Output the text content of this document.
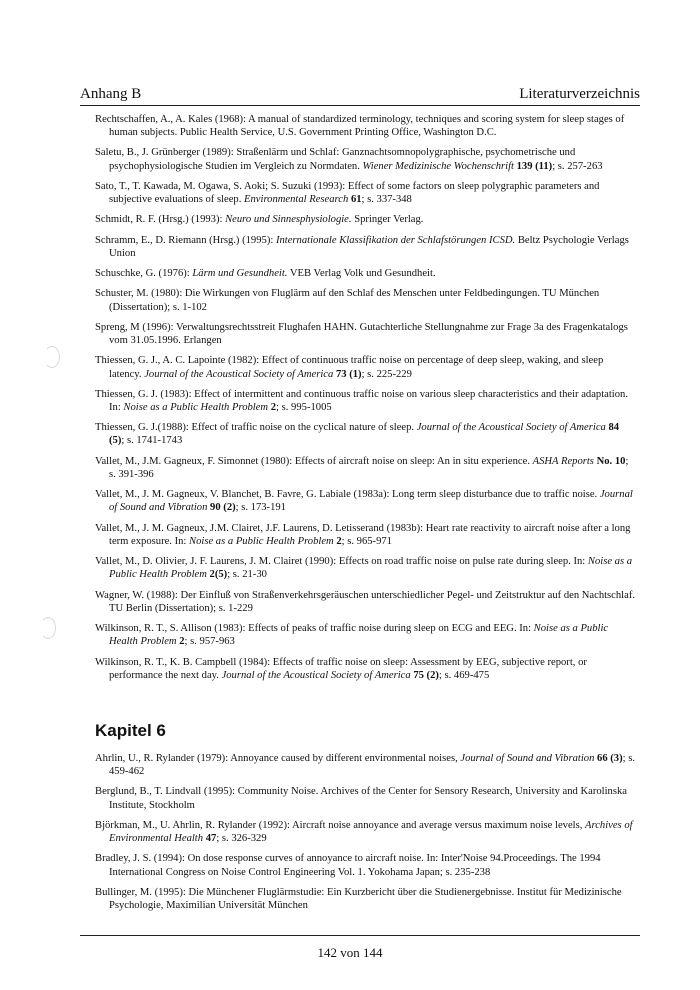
Anhang B	Literaturverzeichnis
Rechtschaffen, A., A. Kales (1968): A manual of standardized terminology, techniques and scoring system for sleep stages of human subjects. Public Health Service, U.S. Government Printing Office, Washington D.C.
Saletu, B., J. Grünberger (1989): Straßenlärm und Schlaf: Ganznachtsomnopolygraphische, psychometrische und psychophysiologische Studien im Vergleich zu Normdaten. Wiener Medizinische Wochenschrift 139 (11); s. 257-263
Sato, T., T. Kawada, M. Ogawa, S. Aoki; S. Suzuki (1993): Effect of some factors on sleep polygraphic parameters and subjective evaluations of sleep. Environmental Research 61; s. 337-348
Schmidt, R. F. (Hrsg.) (1993): Neuro und Sinnesphysiologie. Springer Verlag.
Schramm, E., D. Riemann (Hrsg.) (1995): Internationale Klassifikation der Schlafstörungen ICSD. Beltz Psychologie Verlags Union
Schuschke, G. (1976): Lärm und Gesundheit. VEB Verlag Volk und Gesundheit.
Schuster, M. (1980): Die Wirkungen von Fluglärm auf den Schlaf des Menschen unter Feldbedingungen. TU München (Dissertation); s. 1-102
Spreng, M (1996): Verwaltungsrechtsstreit Flughafen HAHN. Gutachterliche Stellungnahme zur Frage 3a des Fragenkatalogs vom 31.05.1996. Erlangen
Thiessen, G. J., A. C. Lapointe (1982): Effect of continuous traffic noise on percentage of deep sleep, waking, and sleep latency. Journal of the Acoustical Society of America 73 (1); s. 225-229
Thiessen, G. J. (1983): Effect of intermittent and continuous traffic noise on various sleep characteristics and their adaptation. In: Noise as a Public Health Problem 2; s. 995-1005
Thiessen, G. J.(1988): Effect of traffic noise on the cyclical nature of sleep. Journal of the Acoustical Society of America 84 (5); s. 1741-1743
Vallet, M., J.M. Gagneux, F. Simonnet (1980): Effects of aircraft noise on sleep: An in situ experience. ASHA Reports No. 10; s. 391-396
Vallet, M., J. M. Gagneux, V. Blanchet, B. Favre, G. Labiale (1983a): Long term sleep disturbance due to traffic noise. Journal of Sound and Vibration 90 (2); s. 173-191
Vallet, M., J. M. Gagneux, J.M. Clairet, J.F. Laurens, D. Letisserand (1983b): Heart rate reactivity to aircraft noise after a long term exposure. In: Noise as a Public Health Problem 2; s. 965-971
Vallet, M., D. Olivier, J. F. Laurens, J. M. Clairet (1990): Effects on road traffic noise on pulse rate during sleep. In: Noise as a Public Health Problem 2(5); s. 21-30
Wagner, W. (1988): Der Einfluß von Straßenverkehrsgeräuschen unterschiedlicher Pegel- und Zeitstruktur auf den Nachtschlaf. TU Berlin (Dissertation); s. 1-229
Wilkinson, R. T., S. Allison (1983): Effects of peaks of traffic noise during sleep on ECG and EEG. In: Noise as a Public Health Problem 2; s. 957-963
Wilkinson, R. T., K. B. Campbell (1984): Effects of traffic noise on sleep: Assessment by EEG, subjective report, or performance the next day. Journal of the Acoustical Society of America 75 (2); s. 469-475
Kapitel 6
Ahrlin, U., R. Rylander (1979): Annoyance caused by different environmental noises, Journal of Sound and Vibration 66 (3); s. 459-462
Berglund, B., T. Lindvall (1995): Community Noise. Archives of the Center for Sensory Research, University and Karolinska Institute, Stockholm
Björkman, M., U. Ahrlin, R. Rylander (1992): Aircraft noise annoyance and average versus maximum noise levels, Archives of Environmental Health 47; s. 326-329
Bradley, J. S. (1994): On dose response curves of annoyance to aircraft noise. In: Inter'Noise 94.Proceedings. The 1994 International Congress on Noise Control Engineering Vol. 1. Yokohama Japan; s. 235-238
Bullinger, M. (1995): Die Münchener Fluglärmstudie: Ein Kurzbericht über die Studienergebnisse. Institut für Medizinische Psychologie, Maximilian Universität München
142 von 144
